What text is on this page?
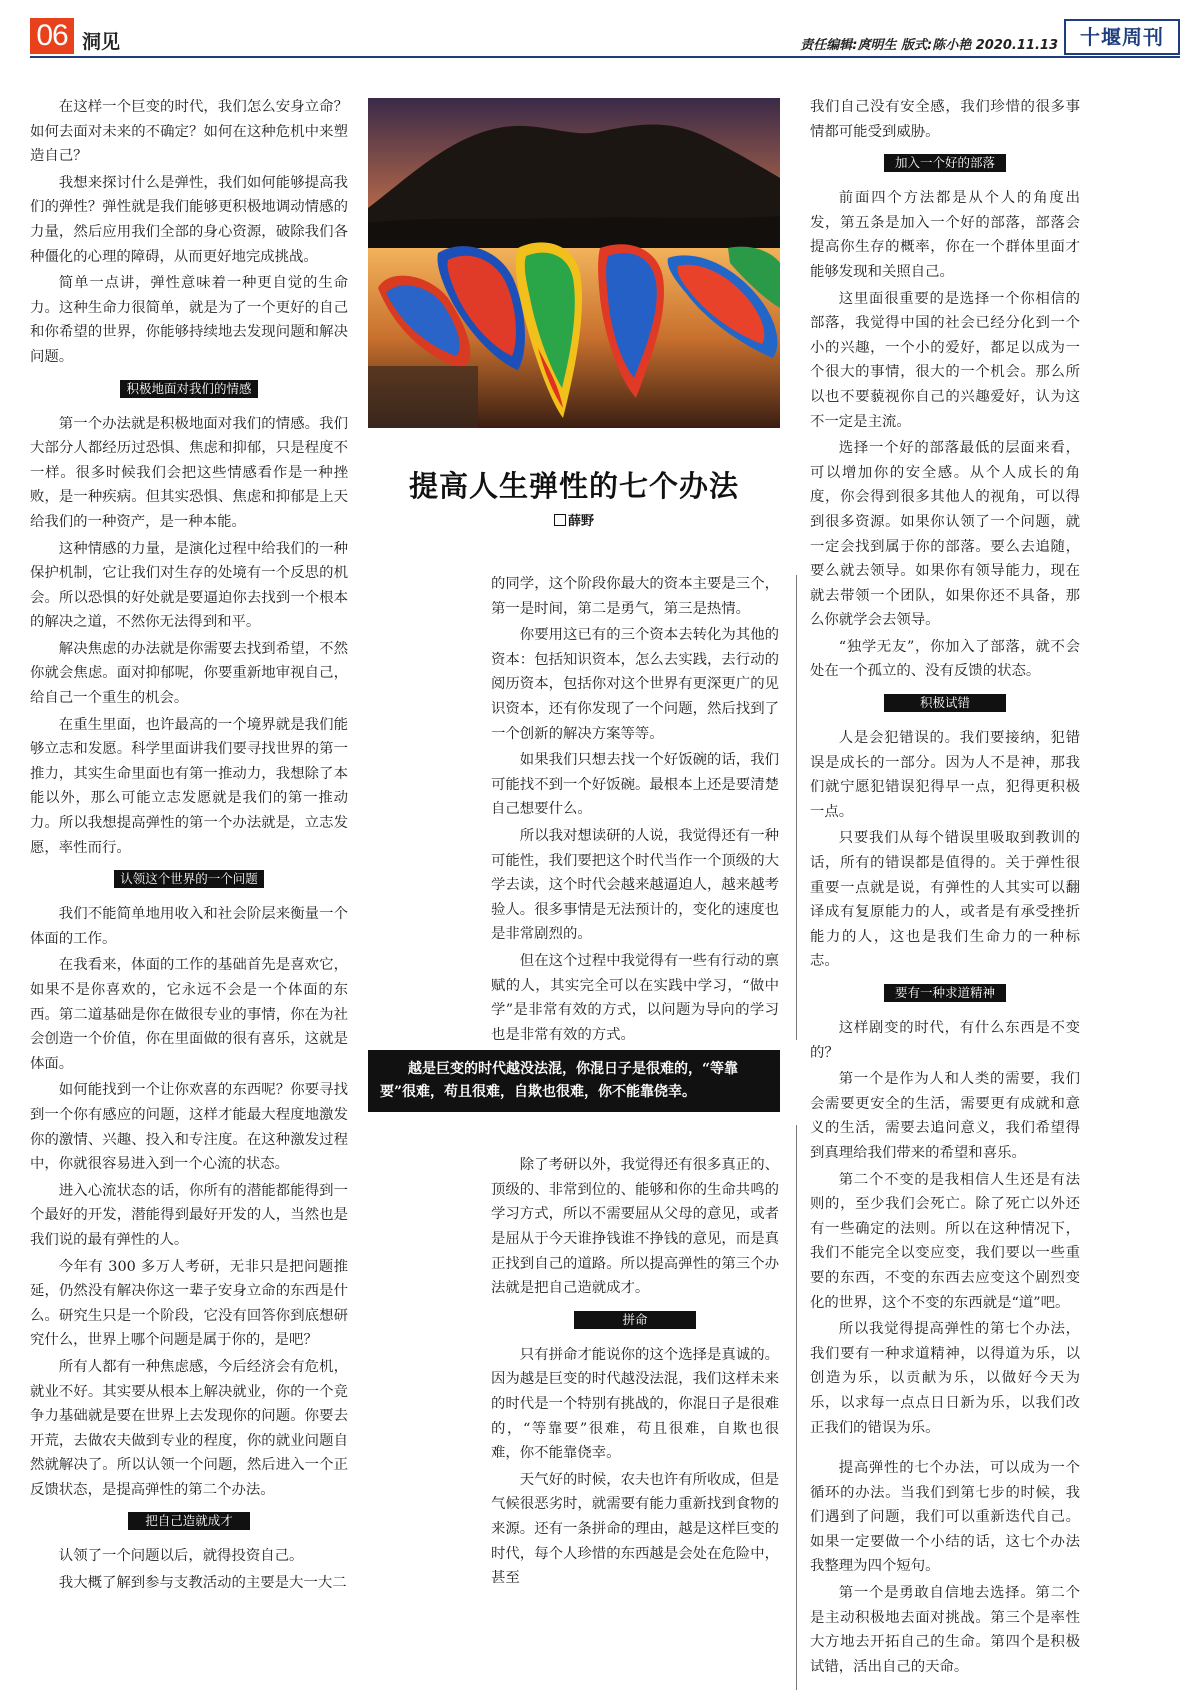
06 洞见	责任编辑:庹明生 版式:陈小艳 2020.11.13	十堰周刊

在这样一个巨变的时代，我们怎么安身立命？如何去面对未来的不确定？如何在这种危机中来塑造自己？

我想来探讨什么是弹性，我们如何能够提高我们的弹性？弹性就是我们能够更积极地调动情感的力量，然后应用我们全部的身心资源，破除我们各种僵化的心理的障碍，从而更好地完成挑战。

简单一点讲，弹性意味着一种更自觉的生命力。这种生命力很简单，就是为了一个更好的自己和你希望的世界，你能够持续地去发现问题和解决问题。

积极地面对我们的情感

第一个办法就是积极地面对我们的情感。我们大部分人都经历过恐惧、焦虑和抑郁，只是程度不一样。很多时候我们会把这些情感看作是一种挫败，是一种疾病。但其实恐惧、焦虑和抑郁是上天给我们的一种资产，是一种本能。

这种情感的力量，是演化过程中给我们的一种保护机制，它让我们对生存的处境有一个反思的机会。所以恐惧的好处就是要逼迫你去找到一个根本的解决之道，不然你无法得到和平。

解决焦虑的办法就是你需要去找到希望，不然你就会焦虑。面对抑郁呢，你要重新地审视自己，给自己一个重生的机会。

在重生里面，也许最高的一个境界就是我们能够立志和发愿。科学里面讲我们要寻找世界的第一推力，其实生命里面也有第一推动力，我想除了本能以外，那么可能立志发愿就是我们的第一推动力。所以我想提高弹性的第一个办法就是，立志发愿，率性而行。

认领这个世界的一个问题

我们不能简单地用收入和社会阶层来衡量一个体面的工作。

在我看来，体面的工作的基础首先是喜欢它，如果不是你喜欢的，它永远不会是一个体面的东西。第二道基础是你在做很专业的事情，你在为社会创造一个价值，你在里面做的很有喜乐，这就是体面。

如何能找到一个让你欢喜的东西呢？你要寻找到一个你有感应的问题，这样才能最大程度地激发你的激情、兴趣、投入和专注度。在这种激发过程中，你就很容易进入到一个心流的状态。

进入心流状态的话，你所有的潜能都能得到一个最好的开发，潜能得到最好开发的人，当然也是我们说的最有弹性的人。

今年有 300 多万人考研，无非只是把问题推延，仍然没有解决你这一辈子安身立命的东西是什么。研究生只是一个阶段，它没有回答你到底想研究什么，世界上哪个问题是属于你的，是吧？

所有人都有一种焦虑感，今后经济会有危机，就业不好。其实要从根本上解决就业，你的一个竞争力基础就是要在世界上去发现你的问题。你要去开荒，去做农夫做到专业的程度，你的就业问题自然就解决了。所以认领一个问题，然后进入一个正反馈状态，是提高弹性的第二个办法。

把自己造就成才

认领了一个问题以后，就得投资自己。

我大概了解到参与支教活动的主要是大一大二

提高人生弹性的七个办法
薛野

的同学，这个阶段你最大的资本主要是三个，第一是时间，第二是勇气，第三是热情。

你要用这已有的三个资本去转化为其他的资本：包括知识资本，怎么去实践，去行动的阅历资本，包括你对这个世界有更深更广的见识资本，还有你发现了一个问题，然后找到了一个创新的解决方案等等。

如果我们只想去找一个好饭碗的话，我们可能找不到一个好饭碗。最根本上还是要清楚自己想要什么。

所以我对想读研的人说，我觉得还有一种可能性，我们要把这个时代当作一个顶级的大学去读，这个时代会越来越逼迫人，越来越考验人。很多事情是无法预计的，变化的速度也是非常剧烈的。

但在这个过程中我觉得有一些有行动的禀赋的人，其实完全可以在实践中学习，“做中学”是非常有效的方式，以问题为导向的学习也是非常有效的方式。

除了考研以外，我觉得还有很多真正的、顶级的、非常到位的、能够和你的生命共鸣的学习方式，所以不需要屈从父母的意见，或者是屈从于今天谁挣钱谁不挣钱的意见，而是真正找到自己的道路。所以提高弹性的第三个办法就是把自己造就成才。

拼命

只有拼命才能说你的这个选择是真诚的。因为越是巨变的时代越没法混，我们这样未来的时代是一个特别有挑战的，你混日子是很难的，“等靠要”很难，苟且很难，自欺也很难，你不能靠侥幸。

天气好的时候，农夫也许有所收成，但是气候很恶劣时，就需要有能力重新找到食物的来源。还有一条拼命的理由，越是这样巨变的时代，每个人珍惜的东西越是会处在危险中，甚至

越是巨变的时代越没法混，你混日子是很难的，“等靠要”很难，苟且很难，自欺也很难，你不能靠侥幸。

我们自己没有安全感，我们珍惜的很多事情都可能受到威胁。

加入一个好的部落

前面四个方法都是从个人的角度出发，第五条是加入一个好的部落，部落会提高你生存的概率，你在一个群体里面才能够发现和关照自己。

这里面很重要的是选择一个你相信的部落，我觉得中国的社会已经分化到一个小的兴趣，一个小的爱好，都足以成为一个很大的事情，很大的一个机会。那么所以也不要藐视你自己的兴趣爱好，认为这不一定是主流。

选择一个好的部落最低的层面来看，可以增加你的安全感。从个人成长的角度，你会得到很多其他人的视角，可以得到很多资源。如果你认领了一个问题，就一定会找到属于你的部落。要么去追随，要么就去领导。如果你有领导能力，现在就去带领一个团队，如果你还不具备，那么你就学会去领导。

“独学无友”，你加入了部落，就不会处在一个孤立的、没有反馈的状态。

积极试错

人是会犯错误的。我们要接纳，犯错误是成长的一部分。因为人不是神，那我们就宁愿犯错误犯得早一点，犯得更积极一点。

只要我们从每个错误里吸取到教训的话，所有的错误都是值得的。关于弹性很重要一点就是说，有弹性的人其实可以翻译成有复原能力的人，或者是有承受挫折能力的人，这也是我们生命力的一种标志。

要有一种求道精神

这样剧变的时代，有什么东西是不变的？

第一个是作为人和人类的需要，我们会需要更安全的生活，需要更有成就和意义的生活，需要去追问意义，我们希望得到真理给我们带来的希望和喜乐。

第二个不变的是我相信人生还是有法则的，至少我们会死亡。除了死亡以外还有一些确定的法则。所以在这种情况下，我们不能完全以变应变，我们要以一些重要的东西，不变的东西去应变这个剧烈变化的世界，这个不变的东西就是“道”吧。

所以我觉得提高弹性的第七个办法，我们要有一种求道精神，以得道为乐，以创造为乐，以贡献为乐，以做好今天为乐，以求每一点点日日新为乐，以我们改正我们的错误为乐。

提高弹性的七个办法，可以成为一个循环的办法。当我们到第七步的时候，我们遇到了问题，我们可以重新迭代自己。如果一定要做一个小结的话，这七个办法我整理为四个短句。

第一个是勇敢自信地去选择。第二个是主动积极地去面对挑战。第三个是率性大方地去开拓自己的生命。第四个是积极试错，活出自己的天命。
